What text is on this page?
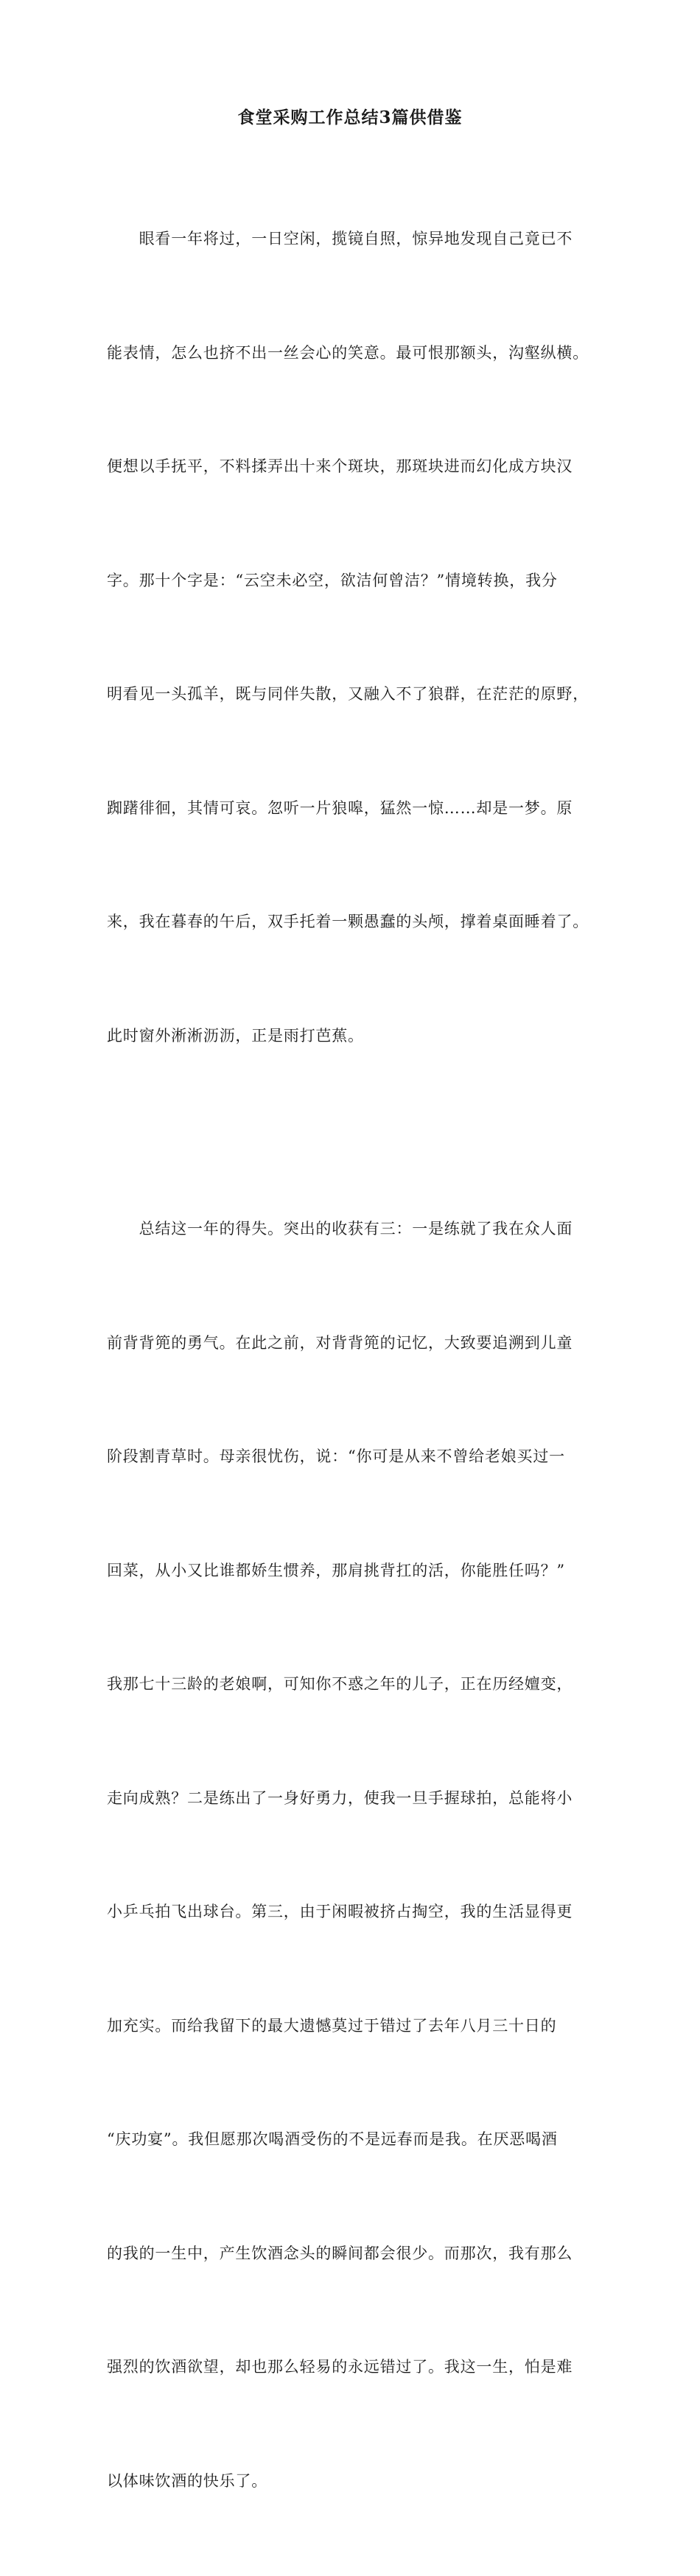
食堂采购工作总结3篇供借鉴

　　眼看一年将过，一日空闲，揽镜自照，惊异地发现自己竟已不

能表情，怎么也挤不出一丝会心的笑意。最可恨那额头，沟壑纵横。

便想以手抚平，不料揉弄出十来个斑块，那斑块进而幻化成方块汉

字。那十个字是：“云空未必空，欲洁何曾洁？”情境转换，我分

明看见一头孤羊，既与同伴失散，又融入不了狼群，在茫茫的原野，

踟躇徘徊，其情可哀。忽听一片狼嗥，猛然一惊……却是一梦。原

来，我在暮春的午后，双手托着一颗愚蠢的头颅，撑着桌面睡着了。

此时窗外淅淅沥沥，正是雨打芭蕉。

　　总结这一年的得失。突出的收获有三：一是练就了我在众人面

前背背篼的勇气。在此之前，对背背篼的记忆，大致要追溯到儿童

阶段割青草时。母亲很忧伤，说：“你可是从来不曾给老娘买过一

回菜，从小又比谁都娇生惯养，那肩挑背扛的活，你能胜任吗？”

我那七十三龄的老娘啊，可知你不惑之年的儿子，正在历经嬗变，

走向成熟？二是练出了一身好勇力，使我一旦手握球拍，总能将小

小乒乓拍飞出球台。第三，由于闲暇被挤占掏空，我的生活显得更

加充实。而给我留下的最大遗憾莫过于错过了去年八月三十日的

“庆功宴”。我但愿那次喝酒受伤的不是远春而是我。在厌恶喝酒

的我的一生中，产生饮酒念头的瞬间都会很少。而那次，我有那么

强烈的饮酒欲望，却也那么轻易的永远错过了。我这一生，怕是难

以体味饮酒的快乐了。
